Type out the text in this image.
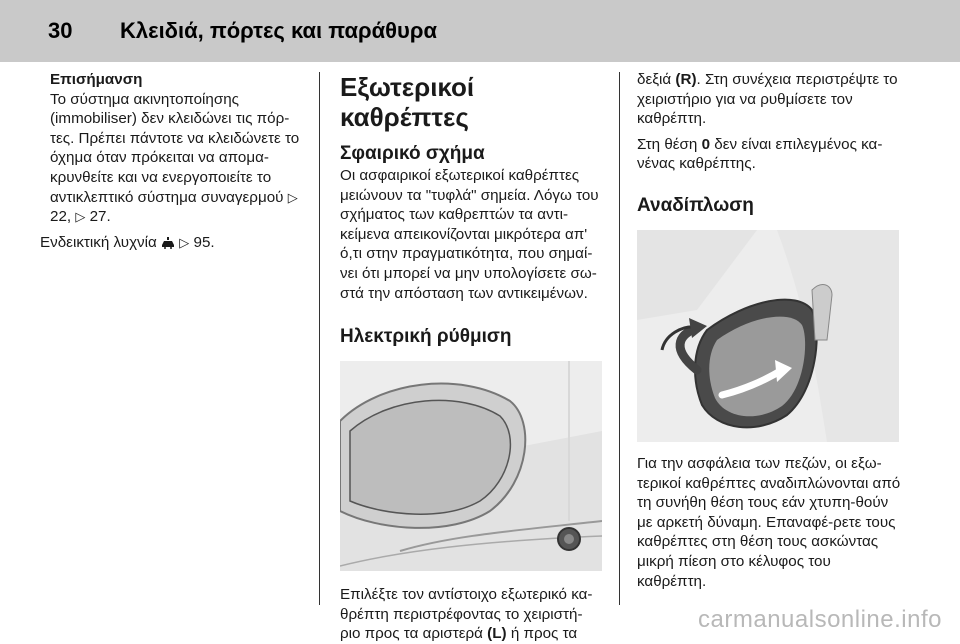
30 Κλειδιά, πόρτες και παράθυρα

Επισήμανση

Το σύστημα ακινητοποίησης (immobiliser) δεν κλειδώνει τις πόρ-τες. Πρέπει πάντοτε να κλειδώνετε το όχημα όταν πρόκειται να απομα-κρυνθείτε και να ενεργοποιείτε το αντικλεπτικό σύστημα συναγερμού ▷ 22, ▷ 27.

Ενδεικτική λυχνία ▷ 95.

Εξωτερικοί καθρέπτες

Σφαιρικό σχήμα

Οι ασφαιρικοί εξωτερικοί καθρέπτες μειώνουν τα "τυφλά" σημεία. Λόγω του σχήματος των καθρεπτών τα αντι-κείμενα απεικονίζονται μικρότερα απ' ό,τι στην πραγματικότητα, που σημαί-νει ότι μπορεί να μην υπολογίσετε σω-στά την απόσταση των αντικειμένων.

Ηλεκτρική ρύθμιση

Επιλέξτε τον αντίστοιχο εξωτερικό κα-θρέπτη περιστρέφοντας το χειριστή-ριο προς τα αριστερά (L) ή προς τα

δεξιά (R). Στη συνέχεια περιστρέψτε το χειριστήριο για να ρυθμίσετε τον καθρέπτη.

Στη θέση 0 δεν είναι επιλεγμένος κα-νένας καθρέπτης.

Αναδίπλωση

Για την ασφάλεια των πεζών, οι εξω-τερικοί καθρέπτες αναδιπλώνονται από τη συνήθη θέση τους εάν χτυπη-θούν με αρκετή δύναμη. Επαναφέ-ρετε τους καθρέπτες στη θέση τους ασκώντας μικρή πίεση στο κέλυφος του καθρέπτη.

carmanualsonline.info
